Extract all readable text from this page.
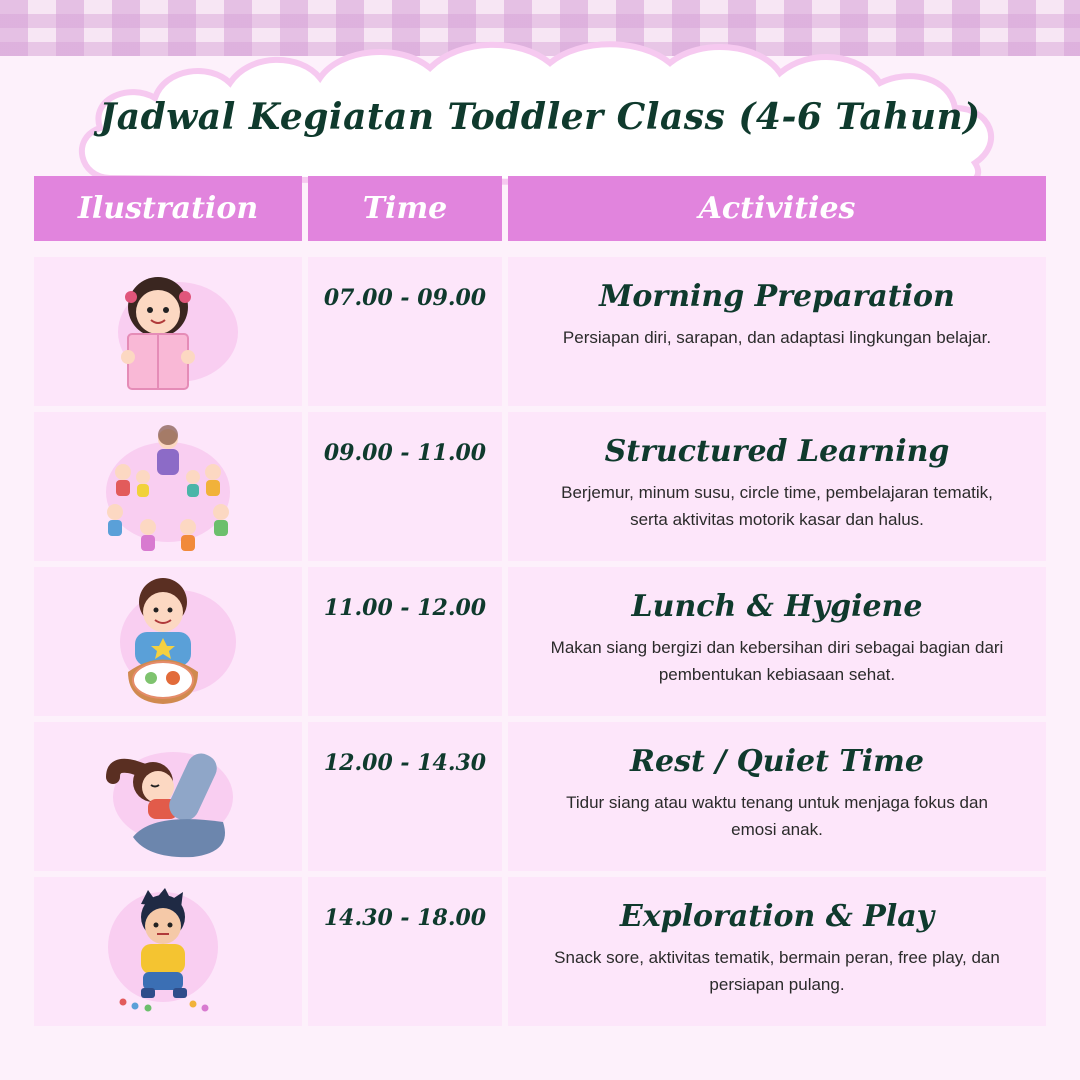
Jadwal Kegiatan Toddler Class (4-6 Tahun)
Ilustration	Time	Activities
07.00 - 09.00	Morning Preparation
Persiapan diri, sarapan, dan adaptasi lingkungan belajar.
09.00 - 11.00	Structured Learning
Berjemur, minum susu, circle time, pembelajaran tematik, serta aktivitas motorik kasar dan halus.
11.00 - 12.00	Lunch & Hygiene
Makan siang bergizi dan kebersihan diri sebagai bagian dari pembentukan kebiasaan sehat.
12.00 - 14.30	Rest / Quiet Time
Tidur siang atau waktu tenang untuk menjaga fokus dan emosi anak.
14.30 - 18.00	Exploration & Play
Snack sore, aktivitas tematik, bermain peran, free play, dan persiapan pulang.
